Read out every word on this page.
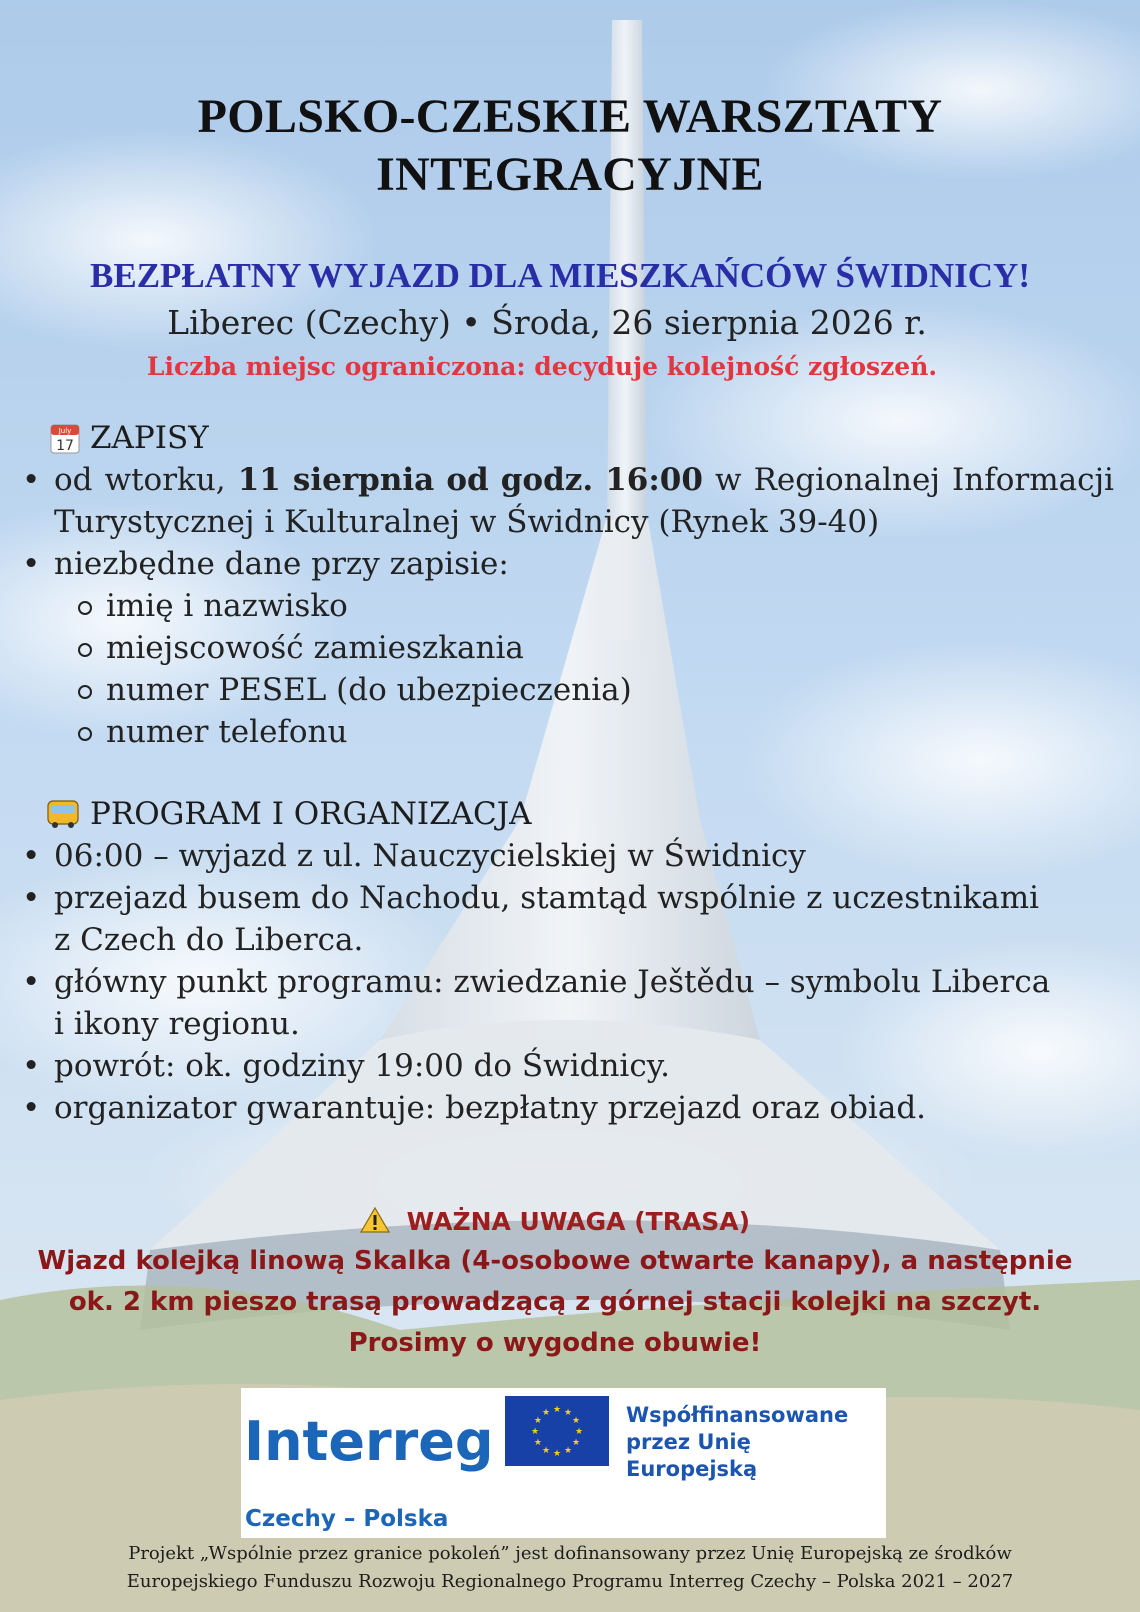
POLSKO-CZESKIE WARSZTATY
INTEGRACYJNE
BEZPŁATNY WYJAZD DLA MIESZKAŃCÓW ŚWIDNICY!
Liberec (Czechy) • Środa, 26 sierpnia 2026 r.
Liczba miejsc ograniczona: decyduje kolejność zgłoszeń.
July
17 ZAPISY
• od wtorku, 11 sierpnia od godz. 16:00 w Regionalnej Informacji
Turystycznej i Kulturalnej w Świdnicy (Rynek 39-40)
• niezbędne dane przy zapisie:
imię i nazwisko
miejscowość zamieszkania
numer PESEL (do ubezpieczenia)
numer telefonu
PROGRAM I ORGANIZACJA
• 06:00 – wyjazd z ul. Nauczycielskiej w Świdnicy
• przejazd busem do Nachodu, stamtąd wspólnie z uczestnikami
z Czech do Liberca.
• główny punkt programu: zwiedzanie Ještědu – symbolu Liberca
i ikony regionu.
• powrót: ok. godziny 19:00 do Świdnicy.
• organizator gwarantuje: bezpłatny przejazd oraz obiad.
WAŻNA UWAGA (TRASA)
Wjazd kolejką linową Skalka (4-osobowe otwarte kanapy), a następnie
ok. 2 km pieszo trasą prowadzącą z górnej stacji kolejki na szczyt.
Prosimy o wygodne obuwie!
Interreg
Czechy – Polska
★ ★
★
★
★
★
★
★
★
★
★
★	Współfinansowane
przez Unię Europejską
Projekt „Wspólnie przez granice pokoleń” jest dofinansowany przez Unię Europejską ze środków
Europejskiego Funduszu Rozwoju Regionalnego Programu Interreg Czechy – Polska 2021 – 2027
